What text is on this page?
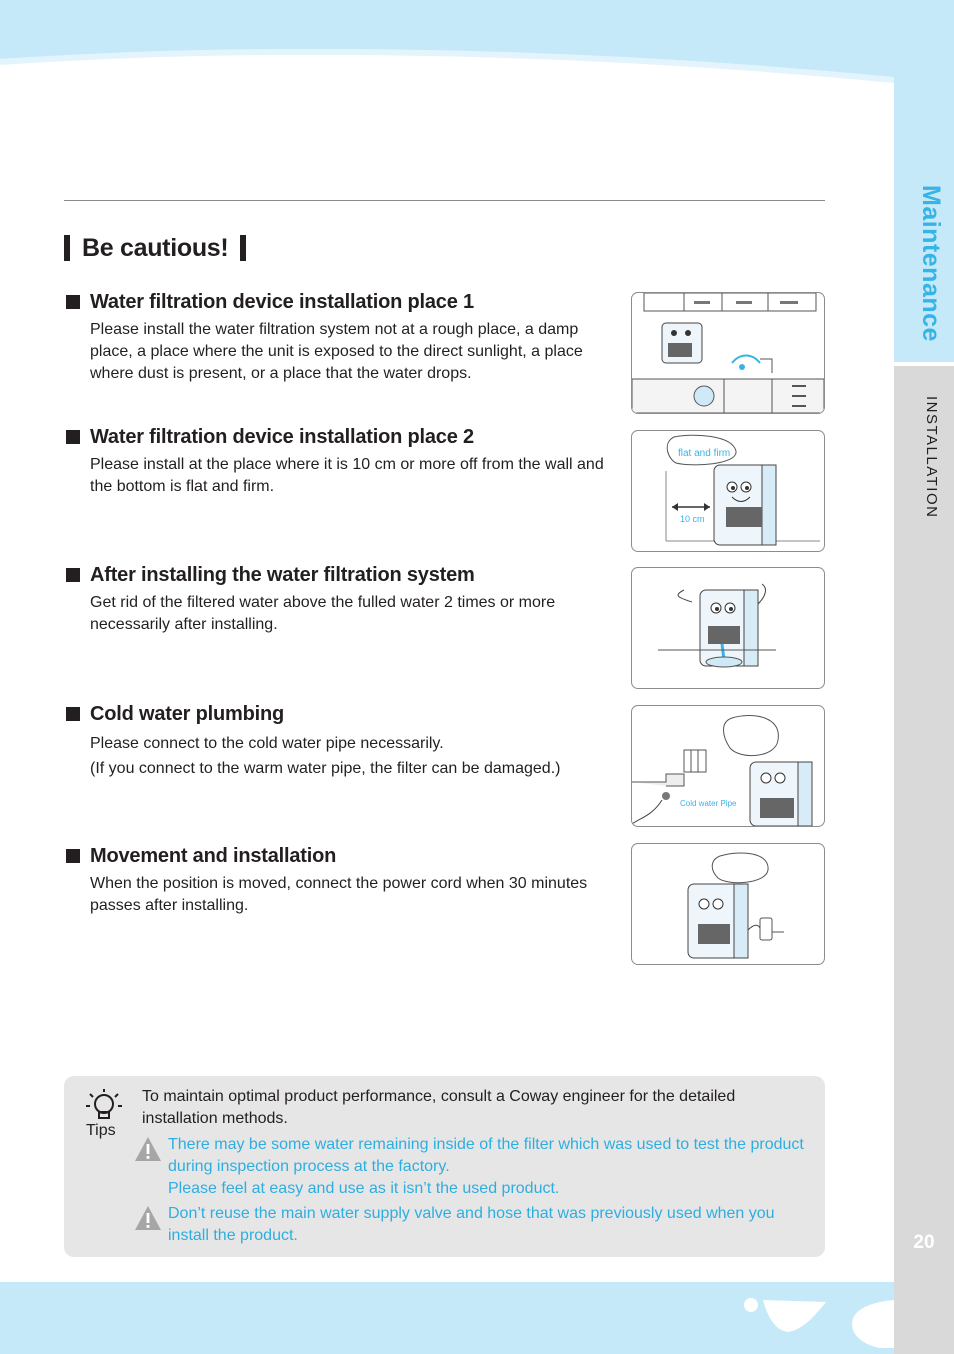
Maintenance
INSTALLATION
20
Be cautious!
Water filtration device installation place 1
Please install the water filtration system not at a rough place, a damp place, a place where the unit is exposed to the direct sunlight, a place where dust is present, or a place that the water drops.
Water filtration device installation place 2
Please install at the place where it is 10 cm or more off from the wall and the bottom is flat and firm.
flat and firm
10 cm
After installing the water filtration system
Get rid of the filtered water above the fulled water 2 times or more necessarily after installing.
Cold water plumbing
Please connect to the cold water pipe necessarily.
(If you connect to the warm water pipe, the filter can be damaged.)
Cold water Pipe
Movement and installation
When the position is moved, connect the power cord when 30 minutes passes after installing.
Tips
To maintain optimal product performance, consult a Coway engineer for the detailed installation methods.
There may be some water remaining inside of the filter which was used to test the product during inspection process at the factory.
Please feel at easy and use as it isn’t the used product.
Don’t reuse the main water supply valve and hose that was previously used when you install the product.
